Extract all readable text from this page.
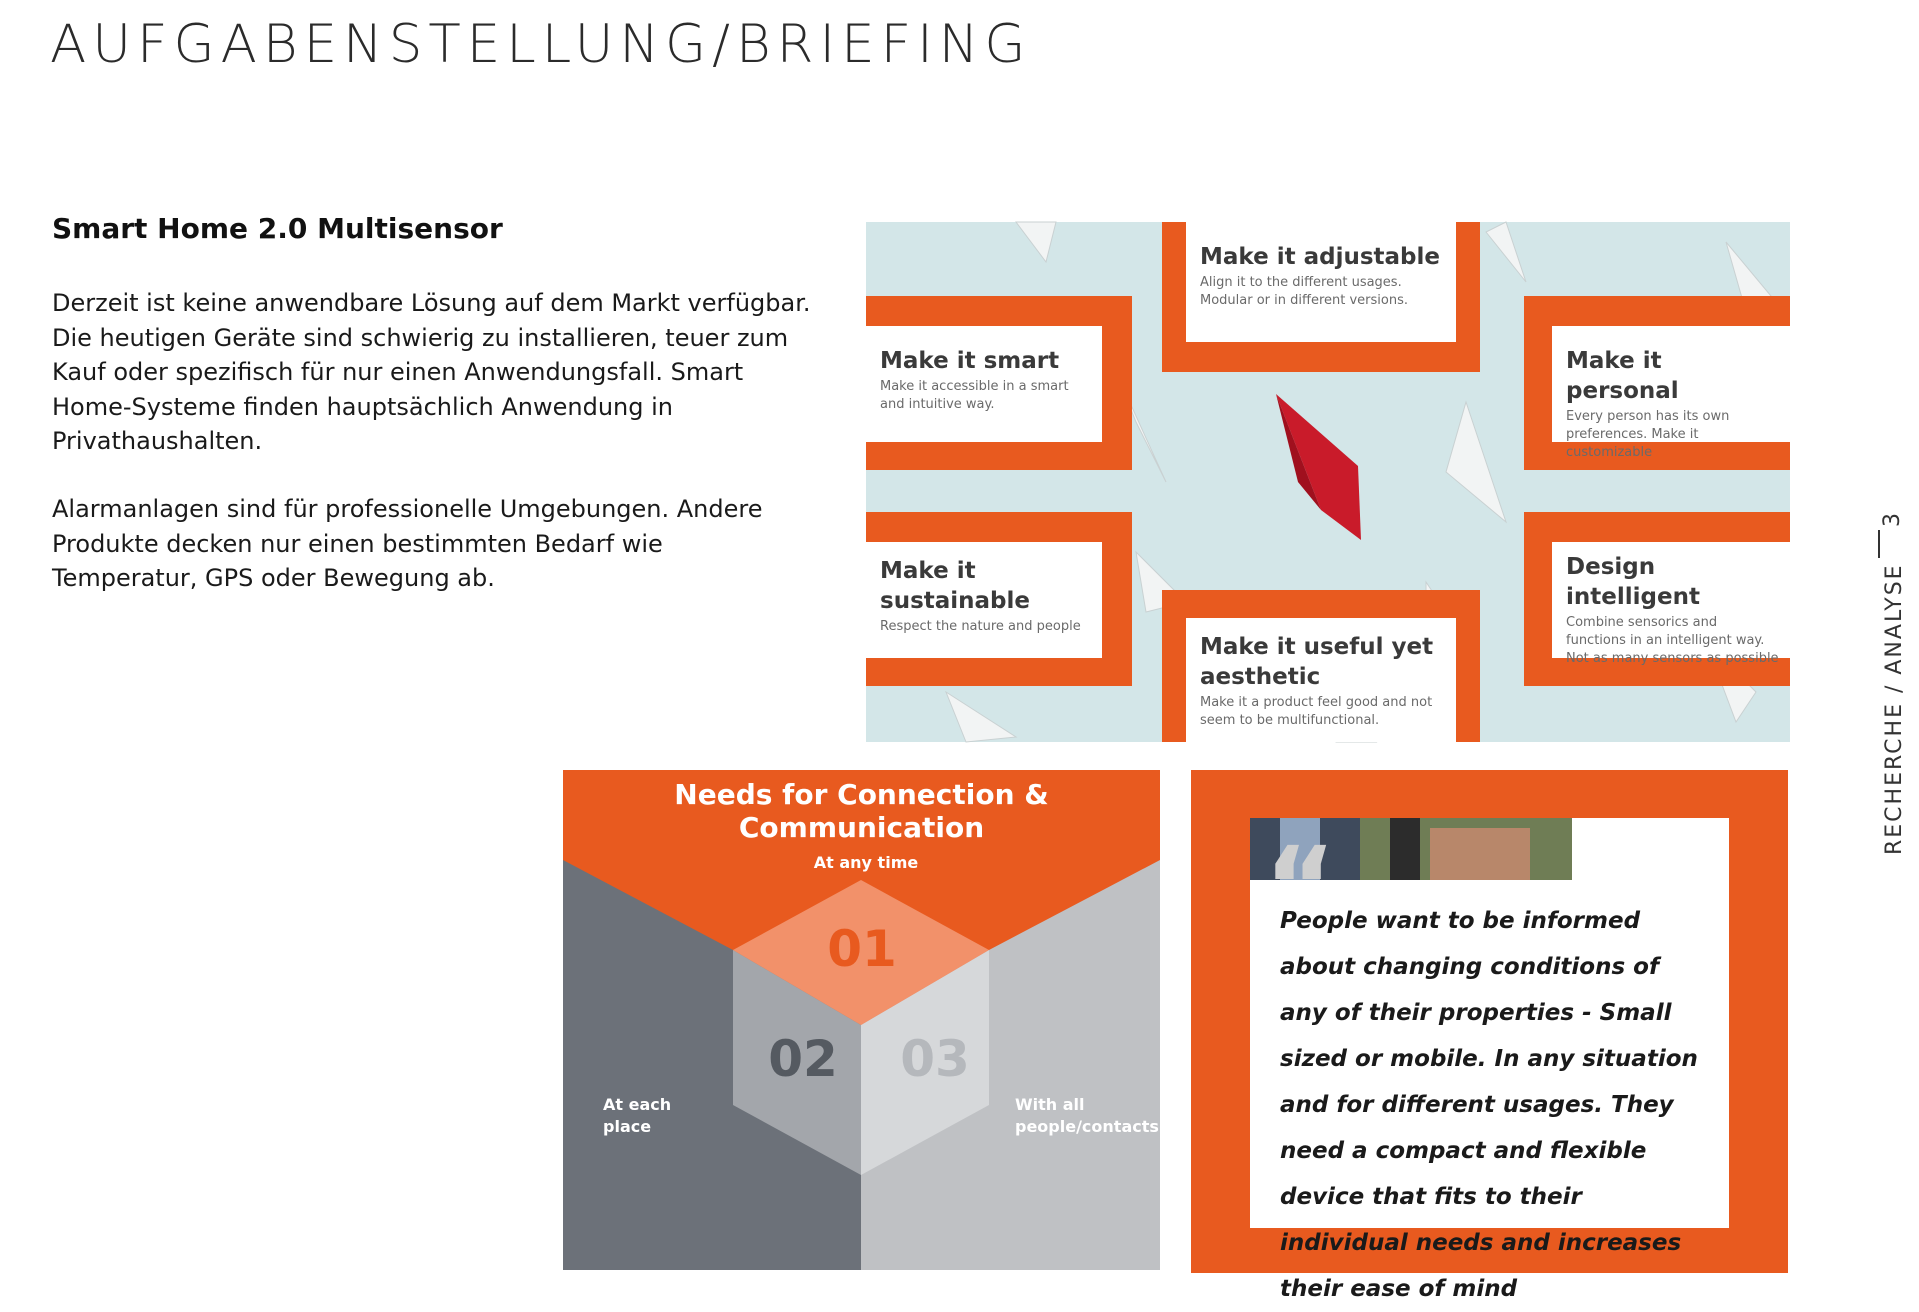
AUFGABENSTELLUNG/BRIEFING
Smart Home 2.0 Multisensor

Derzeit ist keine anwendbare Lösung auf dem Markt verfügbar. Die heutigen Geräte sind schwierig zu installieren, teuer zum Kauf oder spezifisch für nur einen Anwendungsfall. Smart Home-Systeme finden hauptsächlich Anwendung in Privathaushalten.

Alarmanlagen sind für professionelle Umgebungen. Andere Produkte decken nur einen bestimmten Bedarf wie Temperatur, GPS oder Bewegung ab.

3
RECHERCHE / ANALYSE

Make it adjustable

Align it to the different usages. Modular or in different versions.

Make it smart

Make it accessible in a smart and intuitive way.

Make it personal

Every person has its own preferences. Make it customizable

Make it sustainable

Respect the nature and people

Make it useful yet aesthetic

Make it a product feel good and not seem to be multifunctional.

Design intelligent

Combine sensorics and functions in an intelligent way. Not as many sensors as possible

Needs for Connection & Communication
At any time
01
02 03
At each place
With all people/contacts
“

People want to be informed about changing conditions of any of their properties - Small sized or mobile. In any situation and for different usages. They need a compact and flexible device that fits to their individual needs and increases their ease of mind
